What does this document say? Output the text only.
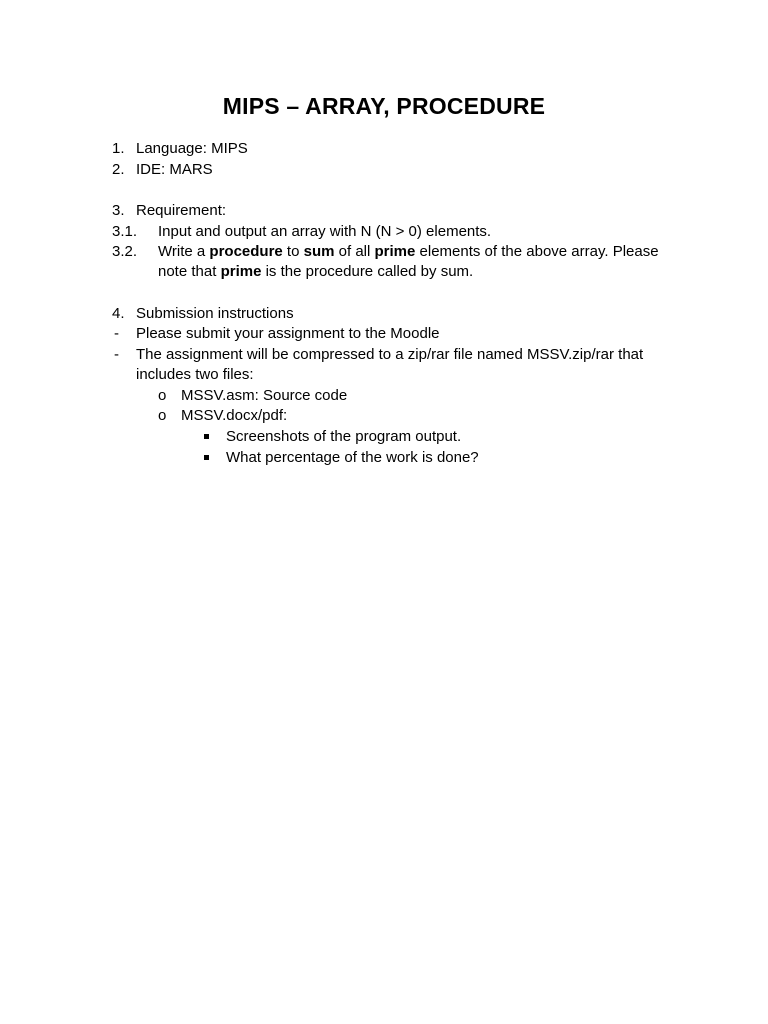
MIPS – ARRAY, PROCEDURE
1. Language: MIPS
2. IDE: MARS
3. Requirement:
3.1. Input and output an array with N (N > 0) elements.
3.2. Write a procedure to sum of all prime elements of the above array. Please
note that prime is the procedure called by sum.
4. Submission instructions
- Please submit your assignment to the Moodle
- The assignment will be compressed to a zip/rar file named MSSV.zip/rar that
includes two files:
o MSSV.asm: Source code
o MSSV.docx/pdf:
Screenshots of the program output.
What percentage of the work is done?
